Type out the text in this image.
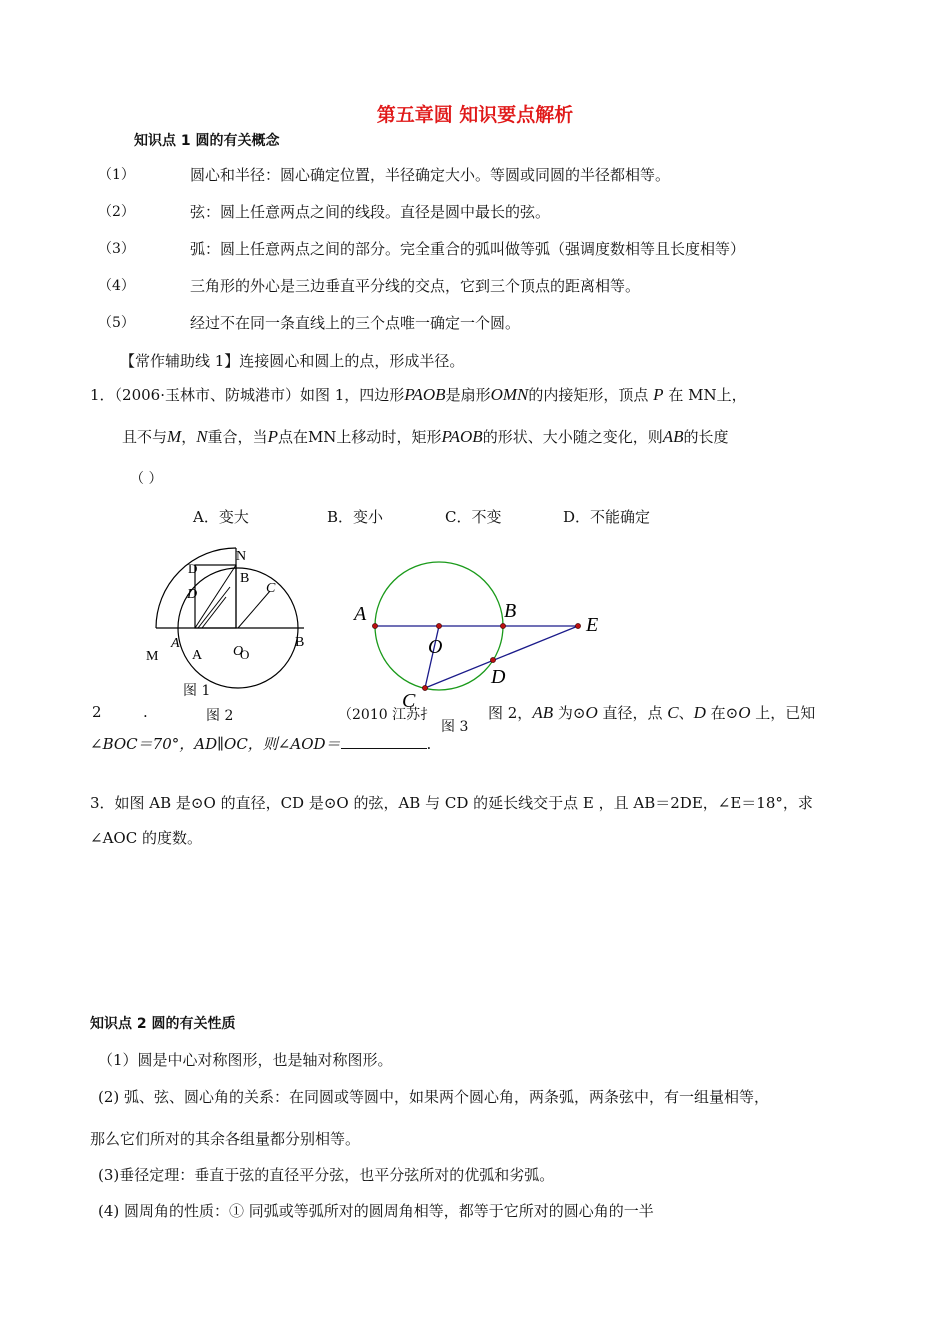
第五章圆 知识要点解析
知识点 1 圆的有关概念
（1）	圆心和半径：圆心确定位置，半径确定大小。等圆或同圆的半径都相等。
（2）	弦：圆上任意两点之间的线段。直径是圆中最长的弦。
（3）	弧：圆上任意两点之间的部分。完全重合的弧叫做等弧（强调度数相等且长度相等）
（4）	三角形的外心是三边垂直平分线的交点，它到三个顶点的距离相等。
（5）	经过不在同一条直线上的三个点唯一确定一个圆。
【常作辅助线 1】连接圆心和圆上的点，形成半径。
1．（2006·玉林市、防城港市）如图 1，四边形PAOB是扇形OMN的内接矩形，顶点 P 在 MN上，
且不与M，N重合，当P点在MN上移动时，矩形PAOB的形状、大小随之变化，则AB的长度
（ ）
A．变大	B．变小	C．不变	D．不能确定
N
D
B
D	C
A
M A O
O
B
图 1
图 2
A	B
E
O
D
C
图 3
2	.	（2010 江苏扌	图 2，AB 为⊙O 直径，点 C、D 在⊙O 上，已知
∠BOC＝70°，AD∥OC，则∠AOD＝	.
3．如图 AB 是⊙O 的直径，CD 是⊙O 的弦，AB 与 CD 的延长线交于点 E ，且 AB＝2DE，∠E＝18°，求
∠AOC 的度数。
知识点 2 圆的有关性质
（1）圆是中心对称图形，也是轴对称图形。
(2) 弧、弦、圆心角的关系：在同圆或等圆中，如果两个圆心角，两条弧，两条弦中，有一组量相等，
那么它们所对的其余各组量都分别相等。
(3)垂径定理：垂直于弦的直径平分弦，也平分弦所对的优弧和劣弧。
(4) 圆周角的性质：① 同弧或等弧所对的圆周角相等，都等于它所对的圆心角的一半
